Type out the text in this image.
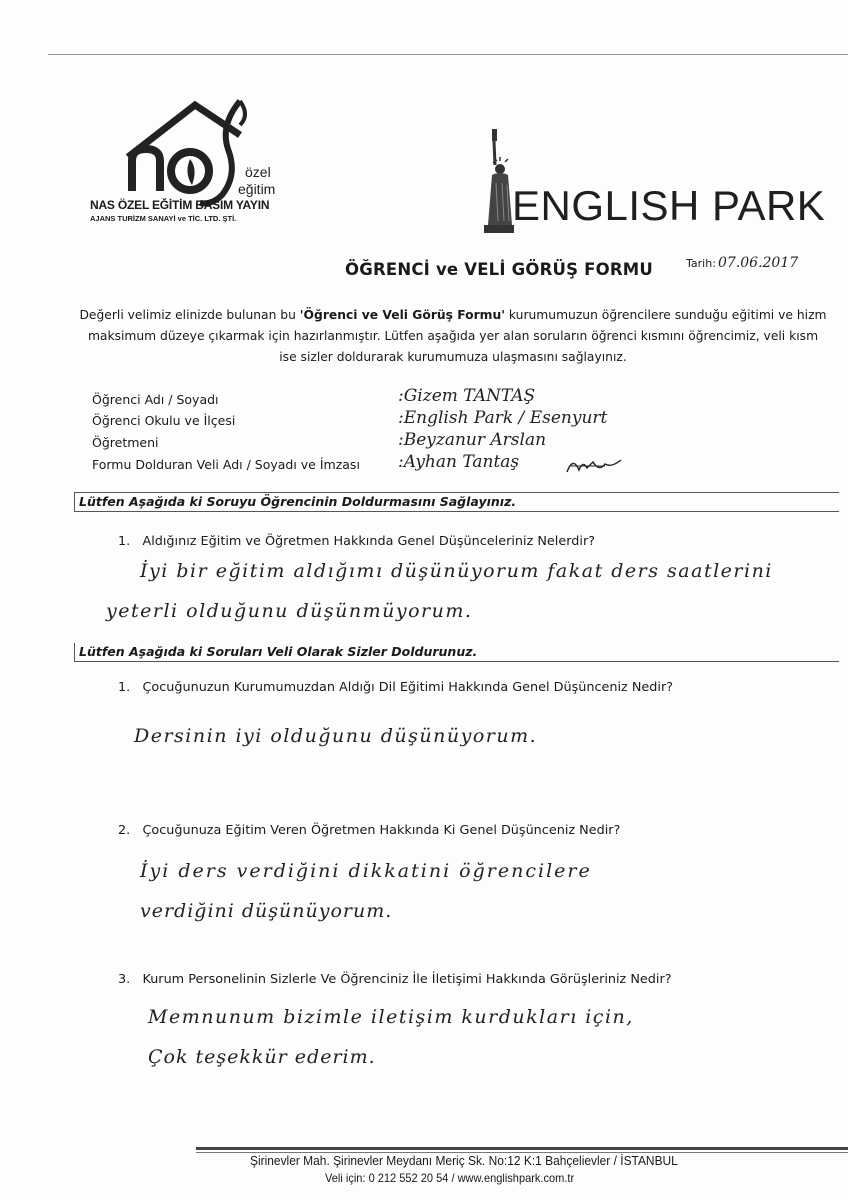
özel
eğitim
NAS ÖZEL EĞİTİM BASIM YAYIN
AJANS TURİZM SANAYİ ve TİC. LTD. ŞTİ.	ENGLISH PARK
ÖĞRENCİ ve VELİ GÖRÜŞ FORMU	Tarih: 07.06.2017
Değerli velimiz elinizde bulunan bu 'Öğrenci ve Veli Görüş Formu' kurumumuzun öğrencilere sunduğu eğitimi ve hizm
maksimum düzeye çıkarmak için hazırlanmıştır. Lütfen aşağıda yer alan soruların öğrenci kısmını öğrencimiz, veli kısm
ise sizler doldurarak kurumumuza ulaşmasını sağlayınız.
Öğrenci Adı / Soyadı	:Gizem TANTAŞ
Öğrenci Okulu ve İlçesi	:English Park / Esenyurt
Öğretmeni	:Beyzanur Arslan
Formu Dolduran Veli Adı / Soyadı ve İmzası :Ayhan Tantaş
Lütfen Aşağıda ki Soruyu Öğrencinin Doldurmasını Sağlayınız.
1. Aldığınız Eğitim ve Öğretmen Hakkında Genel Düşünceleriniz Nelerdir?
İyi bir eğitim aldığımı düşünüyorum fakat ders saatlerini
yeterli olduğunu düşünmüyorum.
Lütfen Aşağıda ki Soruları Veli Olarak Sizler Doldurunuz.
1. Çocuğunuzun Kurumumuzdan Aldığı Dil Eğitimi Hakkında Genel Düşünceniz Nedir?
Dersinin iyi olduğunu düşünüyorum.
2. Çocuğunuza Eğitim Veren Öğretmen Hakkında Ki Genel Düşünceniz Nedir?
İyi ders verdiğini dikkatini öğrencilere
verdiğini düşünüyorum.
3. Kurum Personelinin Sizlerle Ve Öğrenciniz İle İletişimi Hakkında Görüşleriniz Nedir?
Memnunum bizimle iletişim kurdukları için,
Çok teşekkür ederim.
Şirinevler Mah. Şirinevler Meydanı Meriç Sk. No:12 K:1 Bahçelievler / İSTANBUL
Veli için: 0 212 552 20 54 / www.englishpark.com.tr
